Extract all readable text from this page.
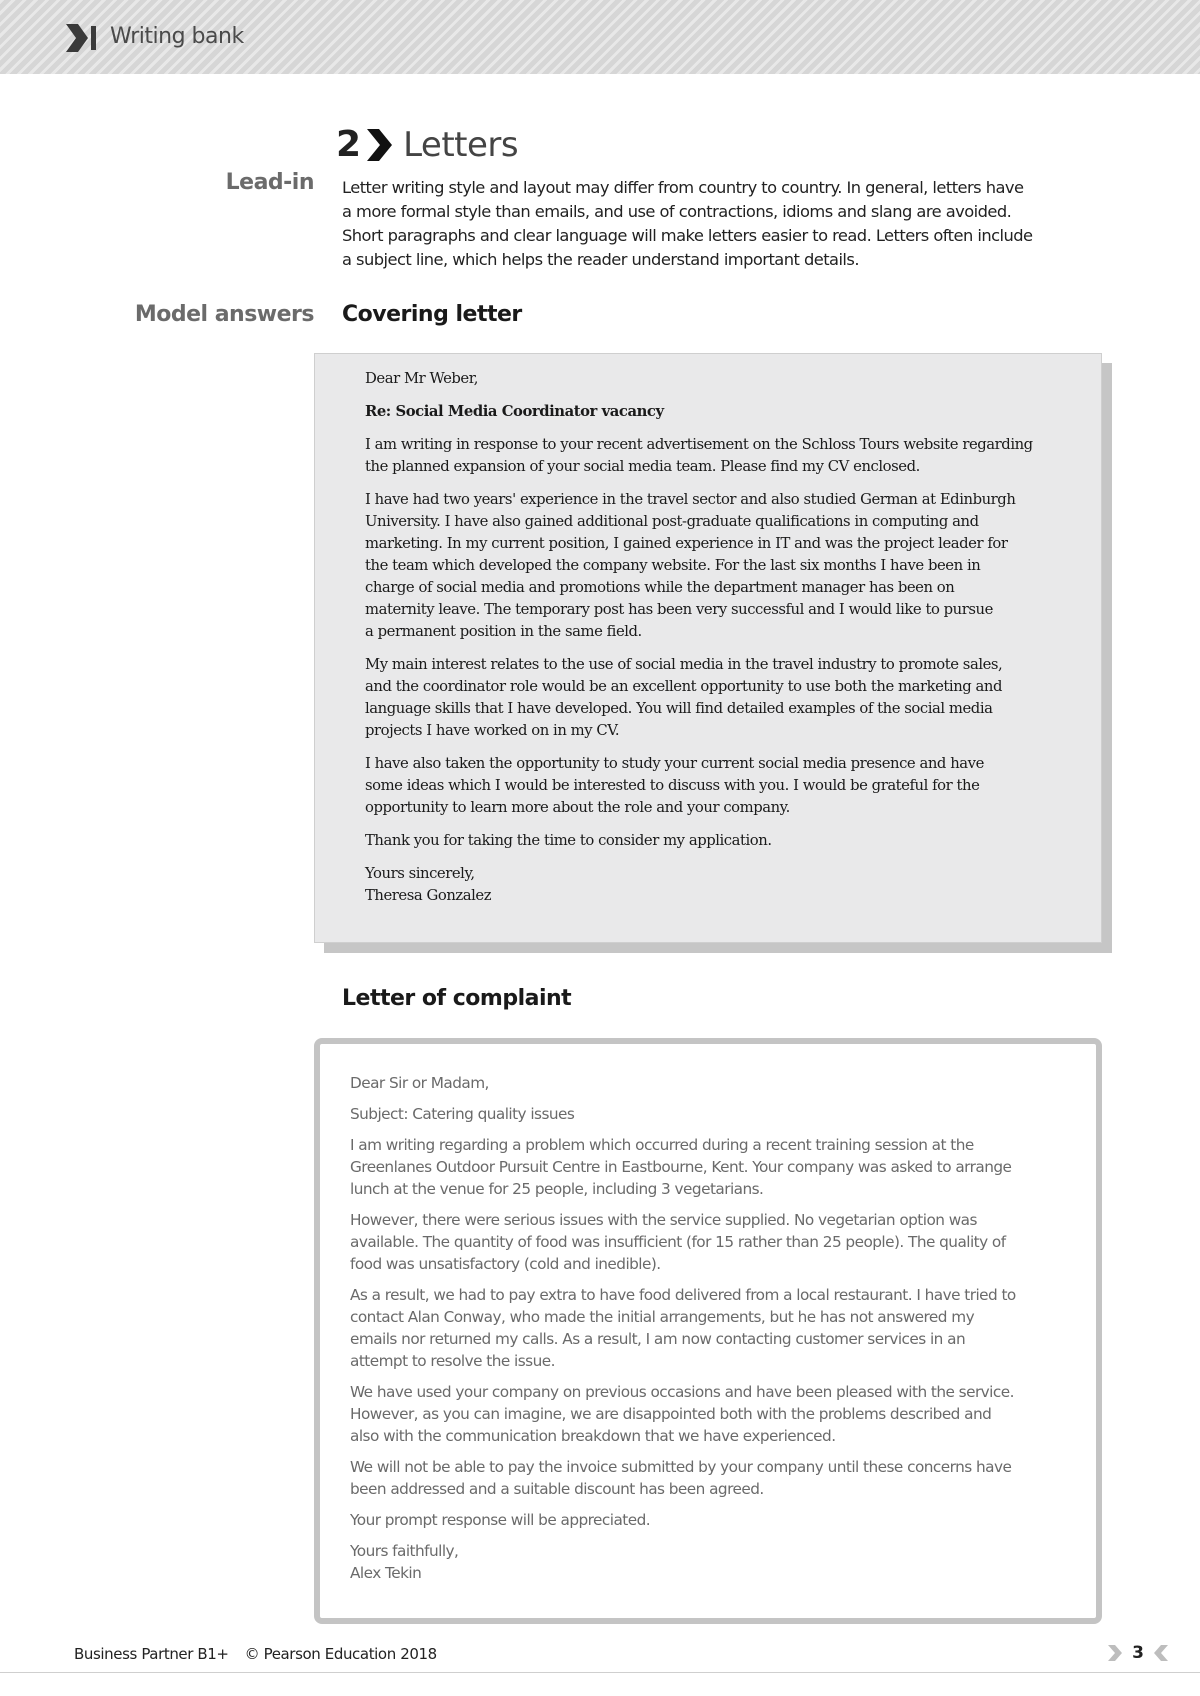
Writing bank
2 Letters
Lead-in Letter writing style and layout may differ from country to country. In general, letters have
a more formal style than emails, and use of contractions, idioms and slang are avoided.
Short paragraphs and clear language will make letters easier to read. Letters often include
a subject line, which helps the reader understand important details.
Model answers Covering letter

Dear Mr Weber,

Re: Social Media Coordinator vacancy

I am writing in response to your recent advertisement on the Schloss Tours website regarding
the planned expansion of your social media team. Please find my CV enclosed.

I have had two years' experience in the travel sector and also studied German at Edinburgh
University. I have also gained additional post-graduate qualifications in computing and
marketing. In my current position, I gained experience in IT and was the project leader for
the team which developed the company website. For the last six months I have been in
charge of social media and promotions while the department manager has been on
maternity leave. The temporary post has been very successful and I would like to pursue
a permanent position in the same field.

My main interest relates to the use of social media in the travel industry to promote sales,
and the coordinator role would be an excellent opportunity to use both the marketing and
language skills that I have developed. You will find detailed examples of the social media
projects I have worked on in my CV.

I have also taken the opportunity to study your current social media presence and have
some ideas which I would be interested to discuss with you. I would be grateful for the
opportunity to learn more about the role and your company.

Thank you for taking the time to consider my application.

Yours sincerely,
Theresa Gonzalez

Letter of complaint

Dear Sir or Madam,

Subject: Catering quality issues

I am writing regarding a problem which occurred during a recent training session at the
Greenlanes Outdoor Pursuit Centre in Eastbourne, Kent. Your company was asked to arrange
lunch at the venue for 25 people, including 3 vegetarians.

However, there were serious issues with the service supplied. No vegetarian option was
available. The quantity of food was insufficient (for 15 rather than 25 people). The quality of
food was unsatisfactory (cold and inedible).

As a result, we had to pay extra to have food delivered from a local restaurant. I have tried to
contact Alan Conway, who made the initial arrangements, but he has not answered my
emails nor returned my calls. As a result, I am now contacting customer services in an
attempt to resolve the issue.

We have used your company on previous occasions and have been pleased with the service.
However, as you can imagine, we are disappointed both with the problems described and
also with the communication breakdown that we have experienced.

We will not be able to pay the invoice submitted by your company until these concerns have
been addressed and a suitable discount has been agreed.

Your prompt response will be appreciated.

Yours faithfully,
Alex Tekin

Business Partner B1+ © Pearson Education 2018	3
